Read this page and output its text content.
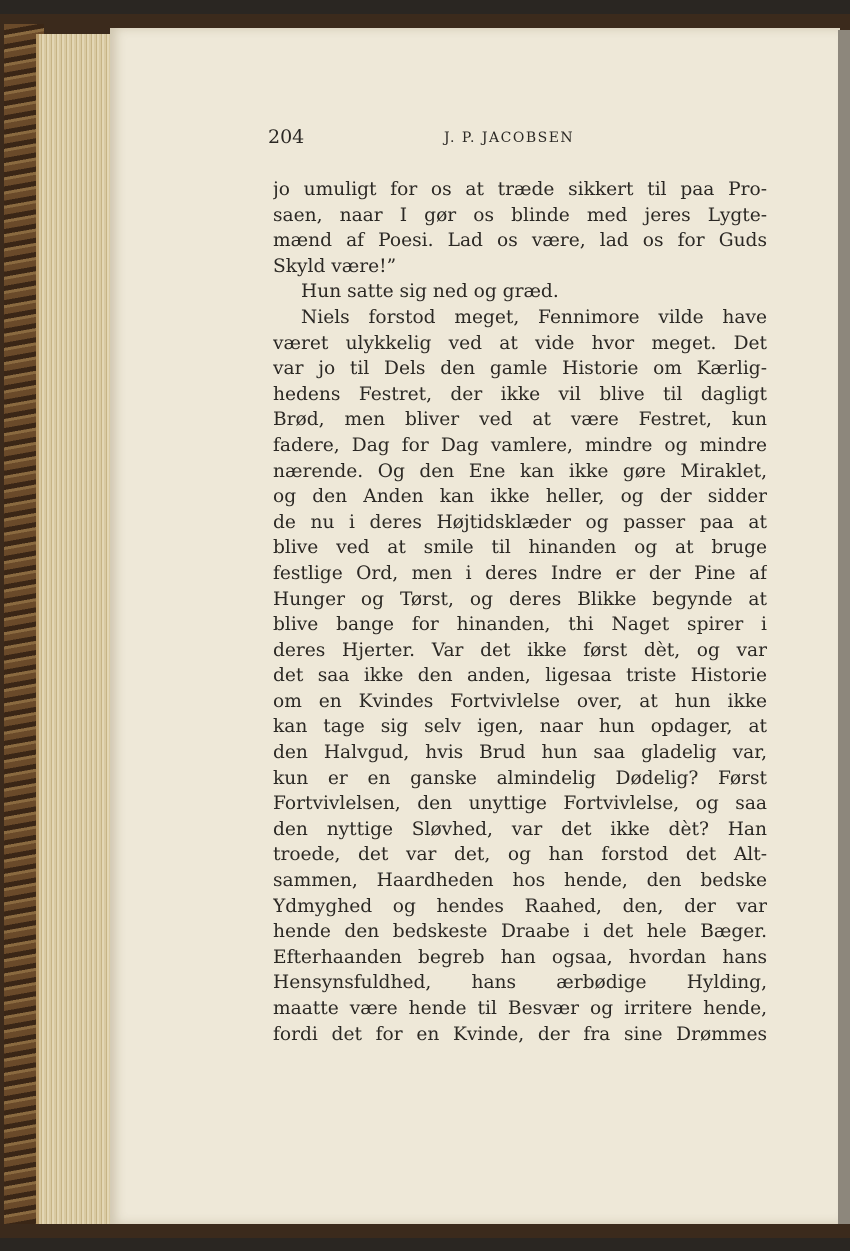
204	J. P. JACOBSEN
jo umuligt for os at træde sikkert til paa Pro-
saen, naar I gør os blinde med jeres Lygte-
mænd af Poesi. Lad os være, lad os for Guds
Skyld være!”
Hun satte sig ned og græd.
Niels forstod meget, Fennimore vilde have
været ulykkelig ved at vide hvor meget. Det
var jo til Dels den gamle Historie om Kærlig-
hedens Festret, der ikke vil blive til dagligt
Brød, men bliver ved at være Festret, kun
fadere, Dag for Dag vamlere, mindre og mindre
nærende. Og den Ene kan ikke gøre Miraklet,
og den Anden kan ikke heller, og der sidder
de nu i deres Højtidsklæder og passer paa at
blive ved at smile til hinanden og at bruge
festlige Ord, men i deres Indre er der Pine af
Hunger og Tørst, og deres Blikke begynde at
blive bange for hinanden, thi Naget spirer i
deres Hjerter. Var det ikke først dèt, og var
det saa ikke den anden, ligesaa triste Historie
om en Kvindes Fortvivlelse over, at hun ikke
kan tage sig selv igen, naar hun opdager, at
den Halvgud, hvis Brud hun saa gladelig var,
kun er en ganske almindelig Dødelig? Først
Fortvivlelsen, den unyttige Fortvivlelse, og saa
den nyttige Sløvhed, var det ikke dèt? Han
troede, det var det, og han forstod det Alt-
sammen, Haardheden hos hende, den bedske
Ydmyghed og hendes Raahed, den, der var
hende den bedskeste Draabe i det hele Bæger.
Efterhaanden begreb han ogsaa, hvordan hans
Hensynsfuldhed, hans ærbødige Hylding,
maatte være hende til Besvær og irritere hende,
fordi det for en Kvinde, der fra sine Drømmes
